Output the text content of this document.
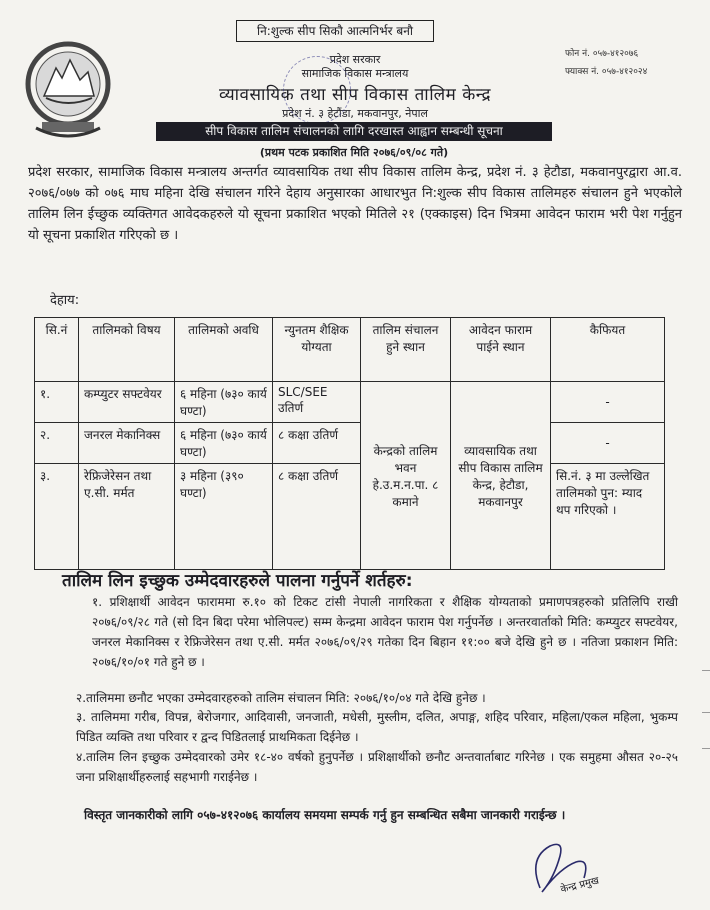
नि:शुल्क सीप सिकौ आत्मनिर्भर बनौ
प्रदेश सरकार
सामाजिक विकास मन्त्रालय
व्यावसायिक तथा सीप विकास तालिम केन्द्र
प्रदेश नं. ३ हेटौंडा, मकवानपुर, नेपाल
फोन नं. ०५७-४१२०७६
फ्याक्स नं. ०५७-४१२०२४
सीप विकास तालिम संचालनको लागि दरखास्त आह्वान सम्बन्धी सूचना
(प्रथम पटक प्रकाशित मिति २०७६/०९/०८ गते)
प्रदेश सरकार, सामाजिक विकास मन्त्रालय अन्तर्गत व्यावसायिक तथा सीप विकास तालिम केन्द्र, प्रदेश नं. ३ हेटौडा, मकवानपुरद्वारा आ.व. २०७६/०७७ को ०७६ माघ महिना देखि संचालन गरिने देहाय अनुसारका आधारभुत नि:शुल्क सीप विकास तालिमहरु संचालन हुने भएकोले तालिम लिन ईच्छुक व्यक्तिगत आवेदकहरुले यो सूचना प्रकाशित भएको मितिले २१ (एक्काइस) दिन भित्रमा आवेदन फाराम भरी पेश गर्नुहुन यो सूचना प्रकाशित गरिएको छ ।
देहाय:
सि.नं	तालिमको विषय	तालिमको अवधि	न्युनतम शैक्षिक योग्यता	तालिम संचालन हुने स्थान	आवेदन फाराम पाईने स्थान	कैफियत
१.	कम्प्युटर सफ्टवेयर	६ महिना (७३० कार्य घण्टा)	SLC/SEE उतिर्ण	केन्द्रको तालिम भवन हे.उ.म.न.पा. ८ कमाने	व्यावसायिक तथा सीप विकास तालिम केन्द्र, हेटौडा, मकवानपुर	-
२.	जनरल मेकानिक्स	६ महिना (७३० कार्य घण्टा)	८ कक्षा उतिर्ण			-
३.	रेफ्रिजेरेसन तथा ए.सी. मर्मत	३ महिना (३९० घण्टा)	८ कक्षा उतिर्ण			सि.नं. ३ मा उल्लेखित तालिमको पुन: म्याद थप गरिएको ।
तालिम लिन इच्छुक उम्मेदवारहरुले पालना गर्नुपर्ने शर्तहरु:
१. प्रशिक्षार्थी आवेदन फाराममा रु.१० को टिकट टांसी नेपाली नागरिकता र शैक्षिक योग्यताको प्रमाणपत्रहरुको प्रतिलिपि राखी २०७६/०९/२८ गते (सो दिन बिदा परेमा भोलिपल्ट) सम्म केन्द्रमा आवेदन फाराम पेश गर्नुपर्नेछ । अन्तरवार्ताको मिति: कम्प्युटर सफ्टवेयर, जनरल मेकानिक्स र रेफ्रिजेरेसन तथा ए.सी. मर्मत २०७६/०९/२९ गतेका दिन बिहान ११:०० बजे देखि हुने छ । नतिजा प्रकाशन मिति: २०७६/१०/०१ गते हुने छ ।
२.तालिममा छनौट भएका उम्मेदवारहरुको तालिम संचालन मिति: २०७६/१०/०४ गते देखि हुनेछ ।
३. तालिममा गरीब, विपन्न, बेरोजगार, आदिवासी, जनजाती, मधेसी, मुस्लीम, दलित, अपाङ्ग, शहिद परिवार, महिला/एकल महिला, भुकम्प पिडित व्यक्ति तथा परिवार र द्वन्द पिडितलाई प्राथमिकता दिईनेछ ।
४.तालिम लिन इच्छुक उम्मेदवारको उमेर १८-४० वर्षको हुनुपर्नेछ । प्रशिक्षार्थीको छनौट अन्तवार्ताबाट गरिनेछ । एक समुहमा औसत २०-२५ जना प्रशिक्षार्थीहरुलाई सहभागी गराईनेछ ।
विस्तृत जानकारीको लागि ०५७-४१२०७६ कार्यालय समयमा सम्पर्क गर्नु हुन सम्बन्धित सबैमा जानकारी गराईन्छ ।
केन्द्र प्रमुख
